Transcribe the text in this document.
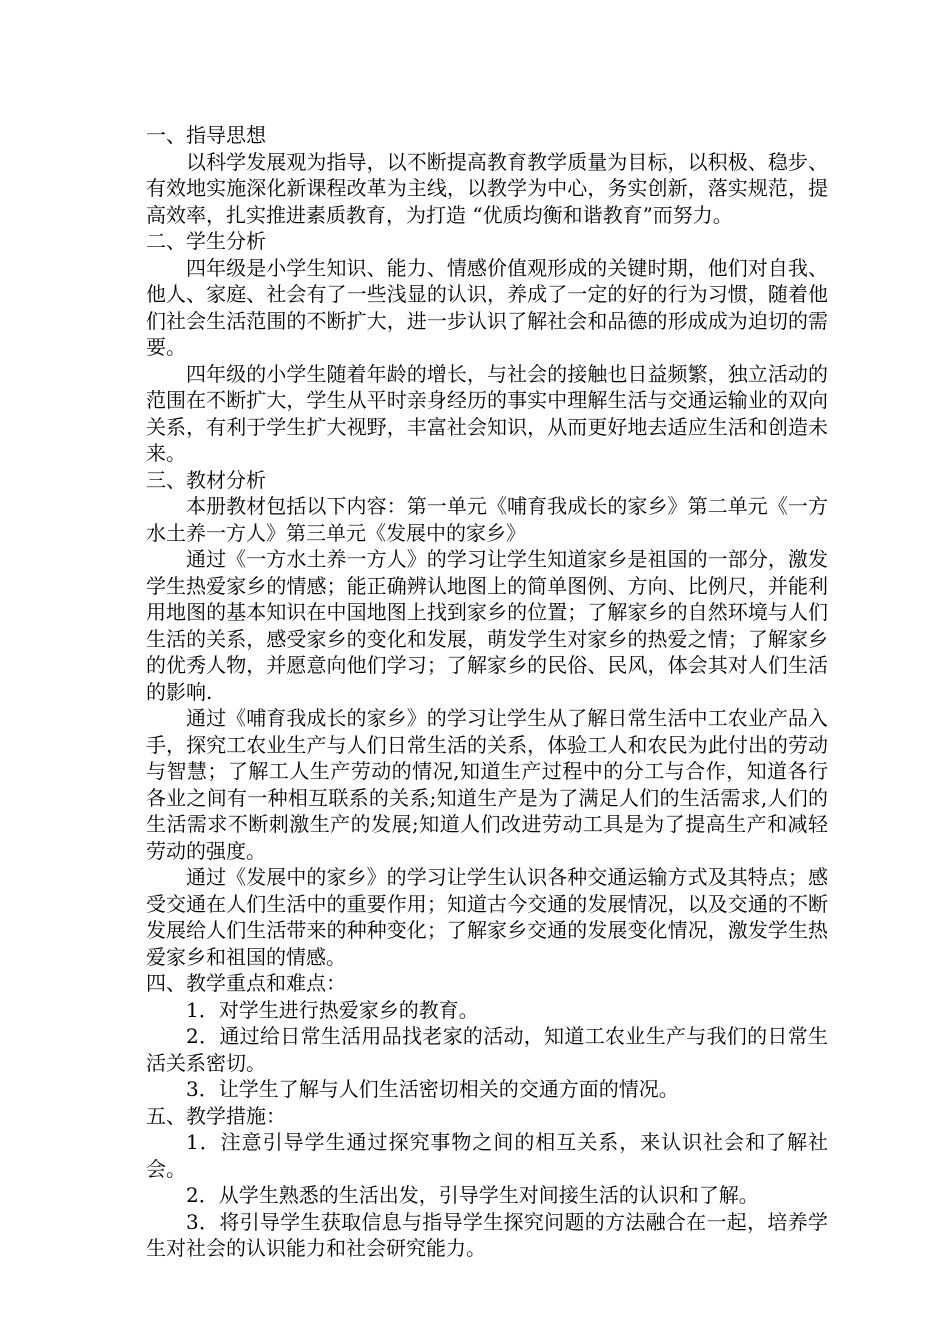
一、指导思想

以科学发展观为指导，以不断提高教育教学质量为目标，以积极、稳步、有效地实施深化新课程改革为主线，以教学为中心，务实创新，落实规范，提高效率，扎实推进素质教育，为打造 “优质均衡和谐教育”而努力。

二、学生分析

四年级是小学生知识、能力、情感价值观形成的关键时期，他们对自我、他人、家庭、社会有了一些浅显的认识，养成了一定的好的行为习惯，随着他们社会生活范围的不断扩大，进一步认识了解社会和品德的形成成为迫切的需要。

四年级的小学生随着年龄的增长，与社会的接触也日益频繁，独立活动的范围在不断扩大，学生从平时亲身经历的事实中理解生活与交通运输业的双向关系，有利于学生扩大视野，丰富社会知识，从而更好地去适应生活和创造未来。

三、教材分析

本册教材包括以下内容：第一单元《哺育我成长的家乡》第二单元《一方水土养一方人》第三单元《发展中的家乡》

通过《一方水土养一方人》的学习让学生知道家乡是祖国的一部分，激发学生热爱家乡的情感；能正确辨认地图上的简单图例、方向、比例尺，并能利用地图的基本知识在中国地图上找到家乡的位置；了解家乡的自然环境与人们生活的关系，感受家乡的变化和发展，萌发学生对家乡的热爱之情；了解家乡的优秀人物，并愿意向他们学习；了解家乡的民俗、民风，体会其对人们生活的影响.

通过《哺育我成长的家乡》的学习让学生从了解日常生活中工农业产品入手，探究工农业生产与人们日常生活的关系，体验工人和农民为此付出的劳动与智慧；了解工人生产劳动的情况,知道生产过程中的分工与合作，知道各行各业之间有一种相互联系的关系;知道生产是为了满足人们的生活需求,人们的生活需求不断刺激生产的发展;知道人们改进劳动工具是为了提高生产和减轻劳动的强度。

通过《发展中的家乡》的学习让学生认识各种交通运输方式及其特点；感受交通在人们生活中的重要作用；知道古今交通的发展情况，以及交通的不断发展给人们生活带来的种种变化；了解家乡交通的发展变化情况，激发学生热爱家乡和祖国的情感。

四、教学重点和难点：

1．对学生进行热爱家乡的教育。

2．通过给日常生活用品找老家的活动，知道工农业生产与我们的日常生活关系密切。

3．让学生了解与人们生活密切相关的交通方面的情况。

五、教学措施：

1．注意引导学生通过探究事物之间的相互关系，来认识社会和了解社会。

2．从学生熟悉的生活出发，引导学生对间接生活的认识和了解。

3．将引导学生获取信息与指导学生探究问题的方法融合在一起，培养学生对社会的认识能力和社会研究能力。
